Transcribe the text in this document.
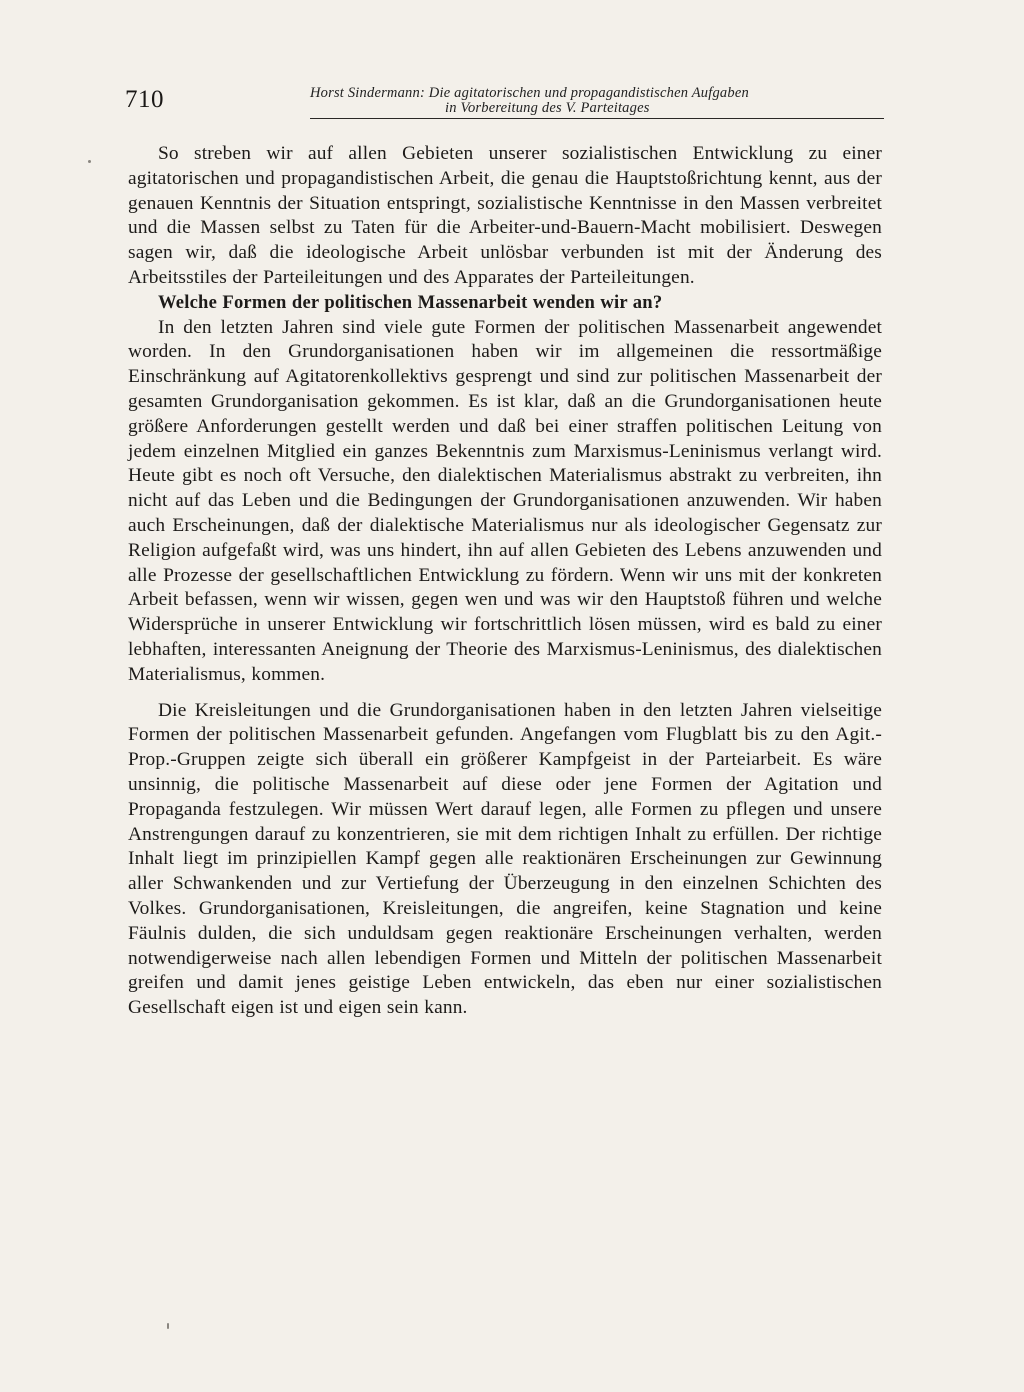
710	Horst Sindermann: Die agitatorischen und propagandistischen Aufgaben
in Vorbereitung des V. Parteitages

So streben wir auf allen Gebieten unserer sozialistischen Entwicklung zu einer agitatorischen und propagandistischen Arbeit, die genau die Hauptstoßrichtung kennt, aus der genauen Kenntnis der Situation entspringt, sozialistische Kenntnisse in den Massen verbreitet und die Massen selbst zu Taten für die Arbeiter-und-Bauern-Macht mobilisiert. Deswegen sagen wir, daß die ideologische Arbeit unlösbar verbunden ist mit der Änderung des Arbeitsstiles der Parteileitungen und des Apparates der Parteileitungen.

Welche Formen der politischen Massenarbeit wenden wir an?

In den letzten Jahren sind viele gute Formen der politischen Massenarbeit angewendet worden. In den Grundorganisationen haben wir im allgemeinen die ressortmäßige Einschränkung auf Agitatorenkollektivs gesprengt und sind zur politischen Massenarbeit der gesamten Grundorganisation gekommen. Es ist klar, daß an die Grundorganisationen heute größere Anforderungen gestellt werden und daß bei einer straffen politischen Leitung von jedem einzelnen Mitglied ein ganzes Bekenntnis zum Marxismus-Leninismus verlangt wird. Heute gibt es noch oft Versuche, den dialektischen Materialismus abstrakt zu verbreiten, ihn nicht auf das Leben und die Bedingungen der Grundorganisationen anzuwenden. Wir haben auch Erscheinungen, daß der dialektische Materialismus nur als ideologischer Gegensatz zur Religion aufgefaßt wird, was uns hindert, ihn auf allen Gebieten des Lebens anzuwenden und alle Prozesse der gesellschaftlichen Entwicklung zu fördern. Wenn wir uns mit der konkreten Arbeit befassen, wenn wir wissen, gegen wen und was wir den Hauptstoß führen und welche Widersprüche in unserer Entwicklung wir fortschrittlich lösen müssen, wird es bald zu einer lebhaften, interessanten Aneignung der Theorie des Marxismus-Leninismus, des dialektischen Materialismus, kommen.

Die Kreisleitungen und die Grundorganisationen haben in den letzten Jahren vielseitige Formen der politischen Massenarbeit gefunden. Angefangen vom Flugblatt bis zu den Agit.-Prop.-Gruppen zeigte sich überall ein größerer Kampfgeist in der Parteiarbeit. Es wäre unsinnig, die politische Massenarbeit auf diese oder jene Formen der Agitation und Propaganda festzulegen. Wir müssen Wert darauf legen, alle Formen zu pflegen und unsere Anstrengungen darauf zu konzentrieren, sie mit dem richtigen Inhalt zu erfüllen. Der richtige Inhalt liegt im prinzipiellen Kampf gegen alle reaktionären Erscheinungen zur Gewinnung aller Schwankenden und zur Vertiefung der Überzeugung in den einzelnen Schichten des Volkes. Grundorganisationen, Kreisleitungen, die angreifen, keine Stagnation und keine Fäulnis dulden, die sich unduldsam gegen reaktionäre Erscheinungen verhalten, werden notwendigerweise nach allen lebendigen Formen und Mitteln der politischen Massenarbeit greifen und damit jenes geistige Leben entwickeln, das eben nur einer sozialistischen Gesellschaft eigen ist und eigen sein kann.
